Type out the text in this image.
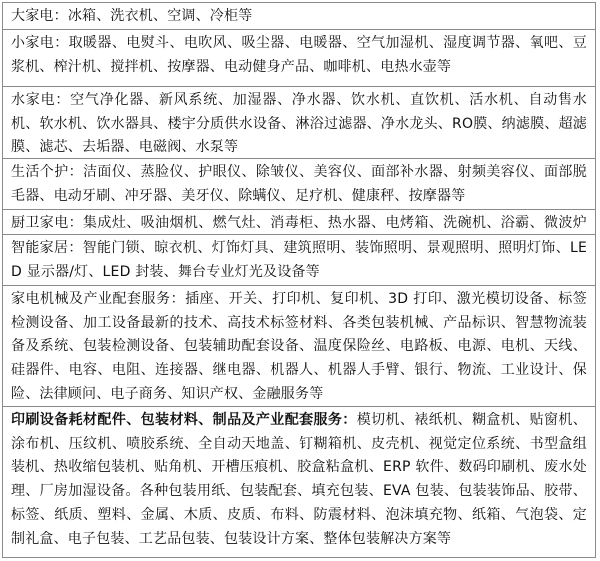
大家电：冰箱、洗衣机、空调、冷柜等
小家电：取暖器、电熨斗、电吹风、吸尘器、电暖器、空气加湿机、湿度调节器、氧吧、豆浆机、榨汁机、搅拌机、按摩器、电动健身产品、咖啡机、电热水壶等
水家电：空气净化器、新风系统、加湿器、净水器、饮水机、直饮机、活水机、自动售水机、软水机、饮水器具、楼宇分质供水设备、淋浴过滤器、净水龙头、RO膜、纳滤膜、超滤膜、滤芯、去垢器、电磁阀、水泵等
生活个护：洁面仪、蒸脸仪、护眼仪、除皱仪、美容仪、面部补水器、射频美容仪、面部脱毛器、电动牙刷、冲牙器、美牙仪、除螨仪、足疗机、健康秤、按摩器等
厨卫家电：集成灶、吸油烟机、燃气灶、消毒柜、热水器、电烤箱、洗碗机、浴霸、微波炉
智能家居：智能门锁、晾衣机、灯饰灯具、建筑照明、装饰照明、景观照明、照明灯饰、LED 显示器/灯、LED 封装、舞台专业灯光及设备等
家电机械及产业配套服务：插座、开关、打印机、复印机、3D 打印、激光模切设备、标签检测设备、加工设备最新的技术、高技术标签材料、各类包装机械、产品标识、智慧物流装备及系统、包装检测设备、包装辅助配套设备、温度保险丝、电路板、电源、电机、天线、硅器件、电容、电阻、连接器、继电器、机器人、机器人手臂、银行、物流、工业设计、保险、法律顾问、电子商务、知识产权、金融服务等
印刷设备耗材配件、包装材料、制品及产业配套服务：模切机、裱纸机、糊盒机、贴窗机、涂布机、压纹机、喷胶系统、全自动天地盖、钉糊箱机、皮壳机、视觉定位系统、书型盒组装机、热收缩包装机、贴角机、开槽压痕机、胶盒粘盒机、ERP 软件、数码印刷机、废水处理、厂房加湿设备。各种包装用纸、包装配套、填充包装、EVA 包装、包装装饰品、胶带、标签、纸质、塑料、金属、木质、皮质、布料、防震材料、泡沫填充物、纸箱、气泡袋、定制礼盒、电子包装、工艺品包装、包装设计方案、整体包装解决方案等
